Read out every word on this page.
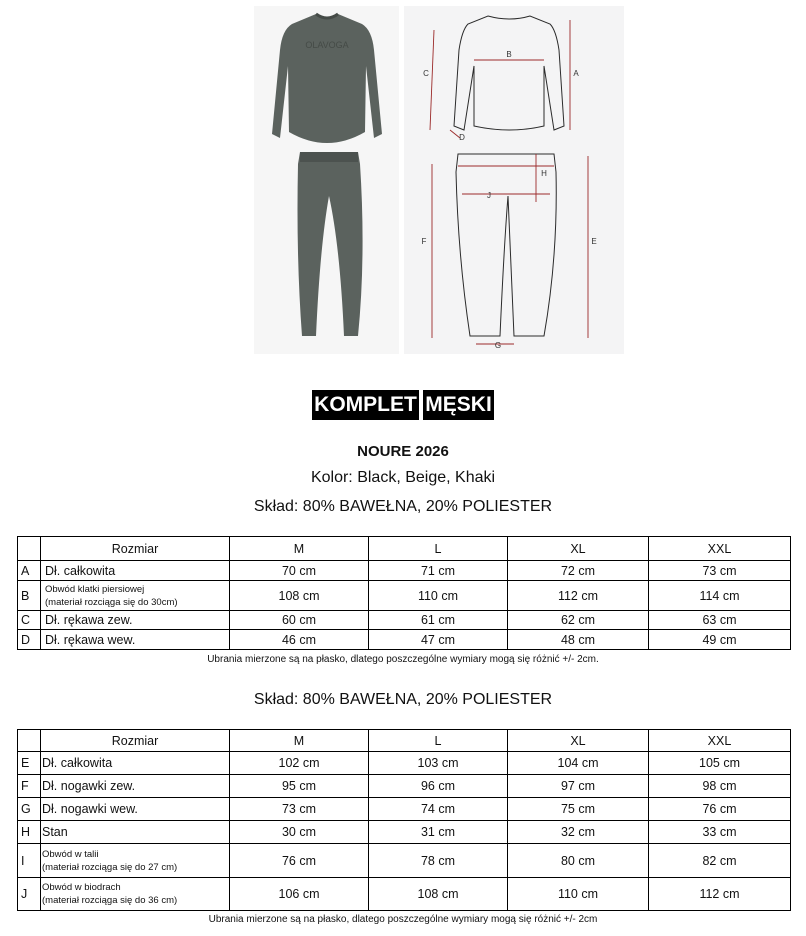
OLAVOGA
A
B
C
D
E
F
G
H
J
KOMPLET MĘSKI
NOURE 2026
Kolor: Black, Beige, Khaki
Skład: 80% BAWEŁNA, 20% POLIESTER
	Rozmiar	M	L	XL	XXL
A	Dł. całkowita	70 cm	71 cm	72 cm	73 cm
B	Obwód klatki piersiowej
(materiał rozciąga się do 30cm)	108 cm	110 cm	112 cm	114 cm
C	Dł. rękawa zew.	60 cm	61 cm	62 cm	63 cm
D	Dł. rękawa wew.	46 cm	47 cm	48 cm	49 cm
Ubrania mierzone są na płasko, dlatego poszczególne wymiary mogą się różnić +/- 2cm.
Skład: 80% BAWEŁNA, 20% POLIESTER
	Rozmiar	M	L	XL	XXL
E	Dł. całkowita	102 cm	103 cm	104 cm	105 cm
F	Dł. nogawki zew.	95 cm	96 cm	97 cm	98 cm
G	Dł. nogawki wew.	73 cm	74 cm	75 cm	76 cm
H	Stan	30 cm	31 cm	32 cm	33 cm
I	Obwód w talii
(materiał rozciąga się do 27 cm)	76 cm	78 cm	80 cm	82 cm
J	Obwód w biodrach
(materiał rozciąga się do 36 cm)	106 cm	108 cm	110 cm	112 cm
Ubrania mierzone są na płasko, dlatego poszczególne wymiary mogą się różnić +/- 2cm
